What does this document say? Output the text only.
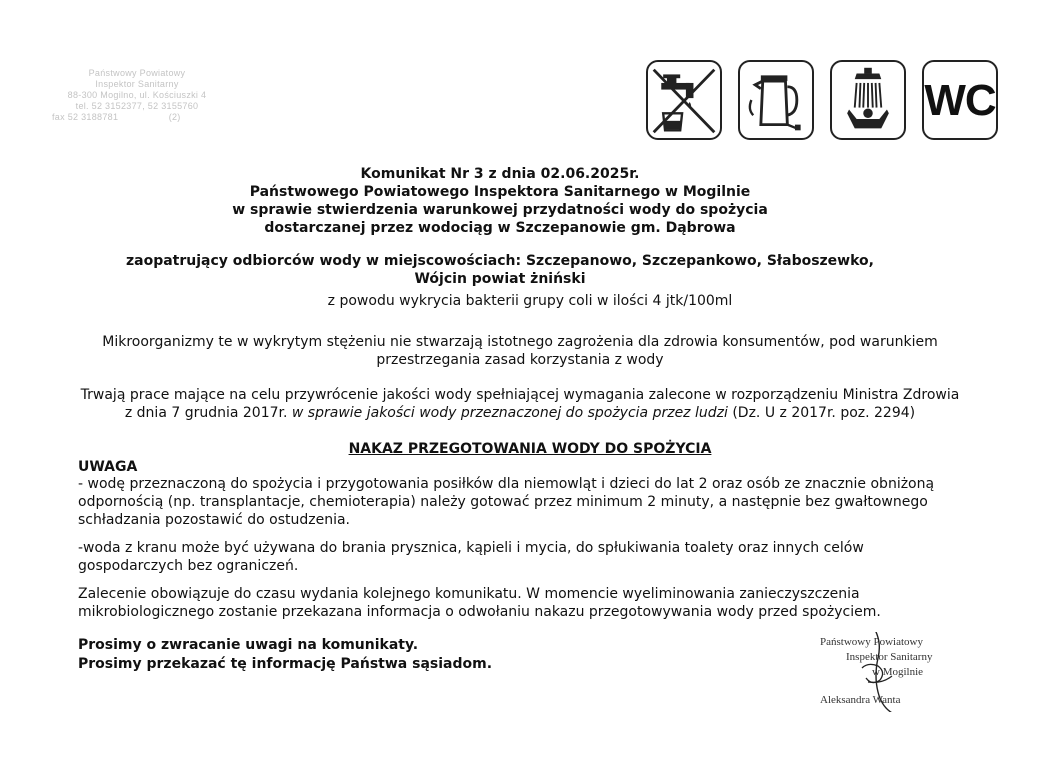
Państwowy Powiatowy
Inspektor Sanitarny
88-300 Mogilno, ul. Kościuszki 4
tel. 52 3152377, 52 3155760
fax 52 3188781	(2)	WC
Komunikat Nr 3 z dnia 02.06.2025r.
Państwowego Powiatowego Inspektora Sanitarnego w Mogilnie
w sprawie stwierdzenia warunkowej przydatności wody do spożycia
dostarczanej przez wodociąg w Szczepanowie gm. Dąbrowa
zaopatrujący odbiorców wody w miejscowościach: Szczepanowo, Szczepankowo, Słaboszewko,
Wójcin powiat żniński
z powodu wykrycia bakterii grupy coli w ilości 4 jtk/100ml
Mikroorganizmy te w wykrytym stężeniu nie stwarzają istotnego zagrożenia dla zdrowia konsumentów, pod warunkiem
przestrzegania zasad korzystania z wody
Trwają prace mające na celu przywrócenie jakości wody spełniającej wymagania zalecone w rozporządzeniu Ministra Zdrowia
z dnia 7 grudnia 2017r. w sprawie jakości wody przeznaczonej do spożycia przez ludzi (Dz. U z 2017r. poz. 2294)
NAKAZ PRZEGOTOWANIA WODY DO SPOŻYCIA
UWAGA
- wodę przeznaczoną do spożycia i przygotowania posiłków dla niemowląt i dzieci do lat 2 oraz osób ze znacznie obniżoną
odpornością (np. transplantacje, chemioterapia) należy gotować przez minimum 2 minuty, a następnie bez gwałtownego
schładzania pozostawić do ostudzenia.
-woda z kranu może być używana do brania prysznica, kąpieli i mycia, do spłukiwania toalety oraz innych celów
gospodarczych bez ograniczeń.
Zalecenie obowiązuje do czasu wydania kolejnego komunikatu. W momencie wyeliminowania zanieczyszczenia
mikrobiologicznego zostanie przekazana informacja o odwołaniu nakazu przegotowywania wody przed spożyciem.
Prosimy o zwracanie uwagi na komunikaty.
Prosimy przekazać tę informację Państwa sąsiadom.
Państwowy Powiatowy
Inspektor Sanitarny
w Mogilnie
Aleksandra Wanta
